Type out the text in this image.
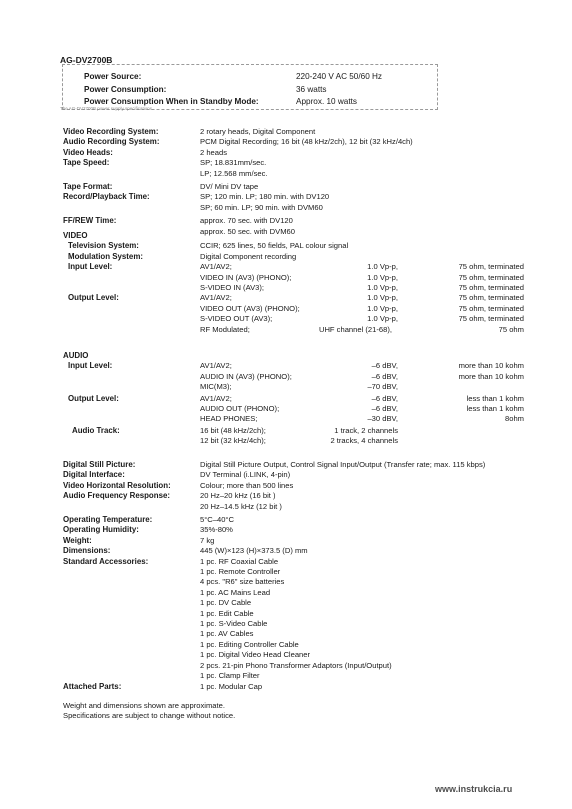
AG-DV2700B
The AG-DV2700B power supply specifications.
Power Source:	220-240 V AC 50/60 Hz
Power Consumption:	36 watts
Power Consumption When in Standby Mode:	Approx. 10 watts
Video Recording System:	2 rotary heads, Digital Component
Audio Recording System:	PCM Digital Recording; 16 bit (48 kHz/2ch), 12 bit (32 kHz/4ch)
Video Heads:	2 heads
Tape Speed:	SP; 18.831mm/sec.
LP; 12.568 mm/sec.
Tape Format:	DV/ Mini DV tape
Record/Playback Time:	SP; 120 min. LP; 180 min. with DV120
SP; 60 min. LP; 90 min. with DVM60
FF/REW Time:	approx. 70 sec. with DV120
approx. 50 sec. with DVM60
VIDEO
Television System:	CCIR; 625 lines, 50 fields, PAL colour signal
Modulation System:	Digital Component recording
Input Level:	AV1/AV2;	1.0 Vp-p,	75 ohm, terminated
VIDEO IN (AV3) (PHONO);	1.0 Vp-p,	75 ohm, terminated
S-VIDEO IN (AV3);	1.0 Vp-p,	75 ohm, terminated
Output Level:	AV1/AV2;	1.0 Vp-p,	75 ohm, terminated
VIDEO OUT (AV3) (PHONO);	1.0 Vp-p,	75 ohm, terminated
S-VIDEO OUT (AV3);	1.0 Vp-p,	75 ohm, terminated
RF Modulated;	UHF channel (21-68),	75 ohm
AUDIO
Input Level:	AV1/AV2;	–6 dBV,	more than 10 kohm
AUDIO IN (AV3) (PHONO);	–6 dBV,	more than 10 kohm
MIC(M3);	–70 dBV,
Output Level:	AV1/AV2;	–6 dBV,	less than 1 kohm
AUDIO OUT (PHONO);	–6 dBV,	less than 1 kohm
HEAD PHONES;	–30 dBV,	8ohm
Audio Track:	16 bit (48 kHz/2ch);	1 track, 2 channels
12 bit (32 kHz/4ch);	2 tracks, 4 channels
Digital Still Picture:	Digital Still Picture Output, Control Signal Input/Output (Transfer rate; max. 115 kbps)
Digital Interface:	DV Terminal (i.LINK, 4-pin)
Video Horizontal Resolution:	Colour; more than 500 lines
Audio Frequency Response:	20 Hz–20 kHz (16 bit )
20 Hz–14.5 kHz (12 bit )
Operating Temperature:	5°C–40°C
Operating Humidity:	35%-80%
Weight:	7 kg
Dimensions:	445 (W)×123 (H)×373.5 (D) mm
Standard Accessories:	1 pc. RF Coaxial Cable
1 pc. Remote Controller
4 pcs. "R6" size batteries
1 pc. AC Mains Lead
1 pc. DV Cable
1 pc. Edit Cable
1 pc. S-Video Cable
1 pc. AV Cables
1 pc. Editing Controller Cable
1 pc. Digital Video Head Cleaner
2 pcs. 21-pin Phono Transformer Adaptors (Input/Output)
1 pc. Clamp Filter
Attached Parts:	1 pc. Modular Cap
Weight and dimensions shown are approximate.
Specifications are subject to change without notice.
www.instrukcia.ru
